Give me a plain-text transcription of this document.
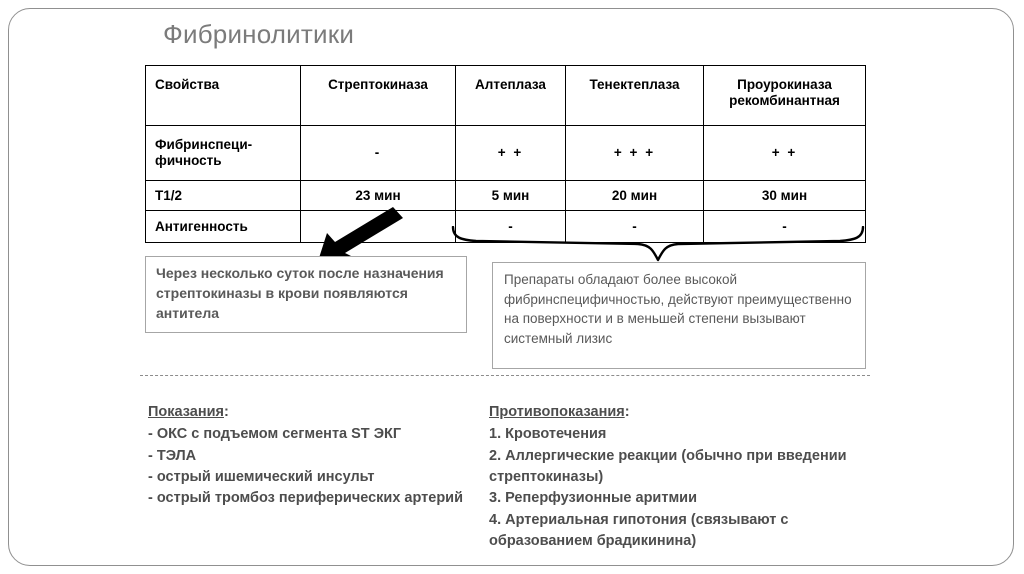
Фибринолитики
Свойства	Стрептокиназа	Алтеплаза	Тенектеплаза	Проурокиназа
рекомбинантная
Фибринспеци-
фичность	-	+ +	+ + +	+ +
T1/2	23 мин	5 мин	20 мин	30 мин
Антигенность		-	-	-
Через несколько суток после назначения стрептокиназы в крови появляются антитела
Препараты обладают более высокой фибринспецифичностью, действуют преимущественно на поверхности и в меньшей степени вызывают системный лизис

Показания:

- ОКС с подъемом сегмента ST ЭКГ
- ТЭЛА
- острый ишемический инсульт
- острый тромбоз периферических артерий

Противопоказания:

1. Кровотечения
2. Аллергические реакции (обычно при введении стрептокиназы)
3. Реперфузионные аритмии
4. Артериальная гипотония (связывают с образованием брадикинина)
